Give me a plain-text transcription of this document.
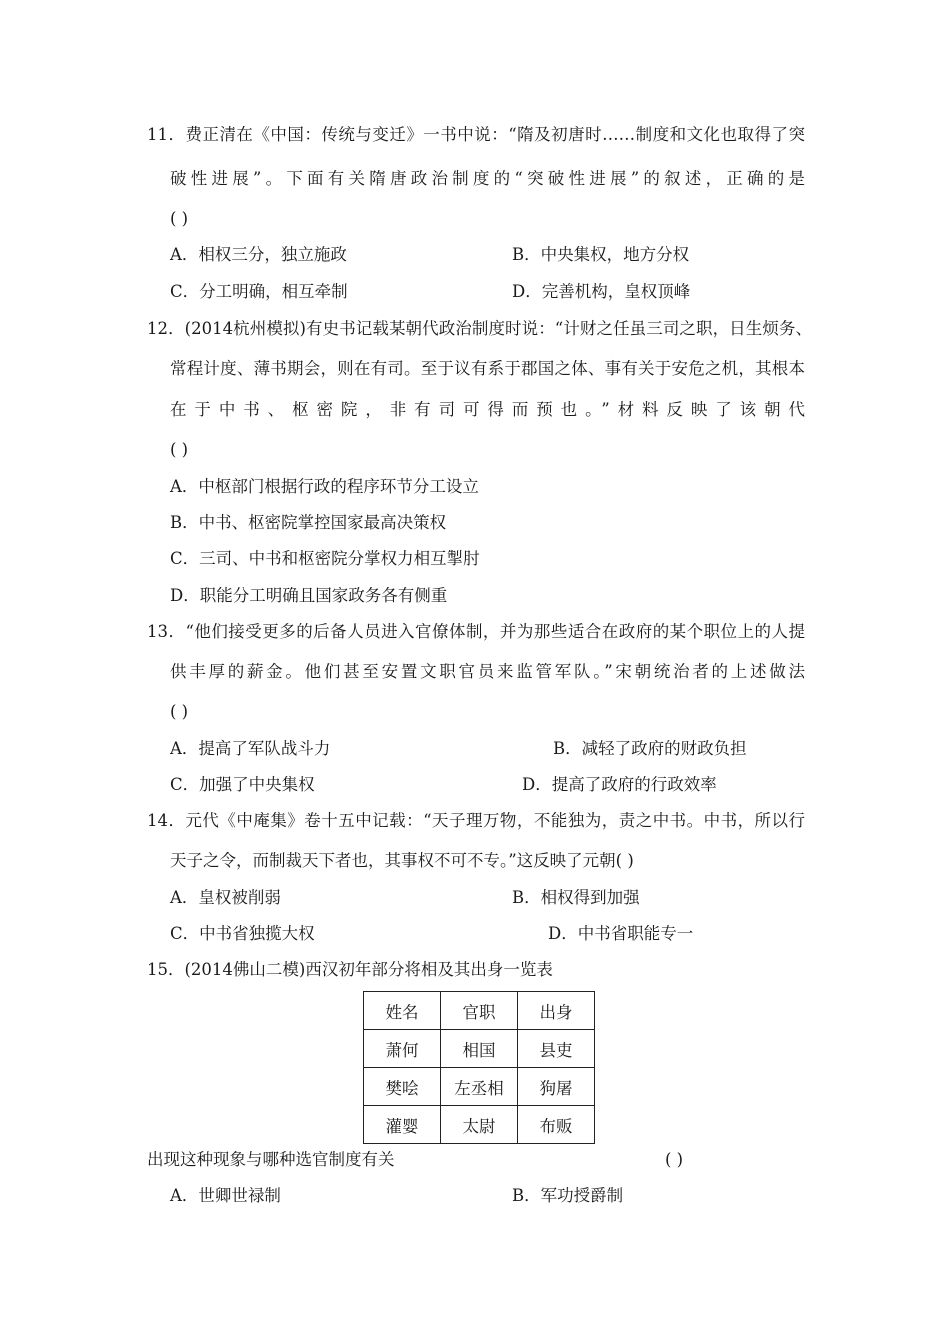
11．费正清在《中国：传统与变迁》一书中说：“隋及初唐时……制度和文化也取得了突
破性进展”。下面有关隋唐政治制度的“突破性进展”的叙述，正确的是
( )
A．相权三分，独立施政	B．中央集权，地方分权
C．分工明确，相互牵制	D．完善机构，皇权顶峰
12．(2014杭州模拟)有史书记载某朝代政治制度时说：“计财之任虽三司之职，日生烦务、
常程计度、薄书期会，则在有司。至于议有系于郡国之体、事有关于安危之机，其根本
在于中书、枢密院，非有司可得而预也。”材料反映了该朝代
( )
A．中枢部门根据行政的程序环节分工设立
B．中书、枢密院掌控国家最高决策权
C．三司、中书和枢密院分掌权力相互掣肘
D．职能分工明确且国家政务各有侧重
13．“他们接受更多的后备人员进入官僚体制，并为那些适合在政府的某个职位上的人提
供丰厚的薪金。他们甚至安置文职官员来监管军队。”宋朝统治者的上述做法
( )
A．提高了军队战斗力	B．减轻了政府的财政负担
C．加强了中央集权	D．提高了政府的行政效率
14．元代《中庵集》卷十五中记载：“天子理万物，不能独为，责之中书。中书，所以行
天子之令，而制裁天下者也，其事权不可不专。”这反映了元朝( )
A．皇权被削弱	B．相权得到加强
C．中书省独揽大权	D．中书省职能专一
15．(2014佛山二模)西汉初年部分将相及其出身一览表
姓名	官职	出身
萧何	相国	县吏
樊哙	左丞相	狗屠
灌婴	太尉	布贩
出现这种现象与哪种选官制度有关	( )
A．世卿世禄制	B．军功授爵制
